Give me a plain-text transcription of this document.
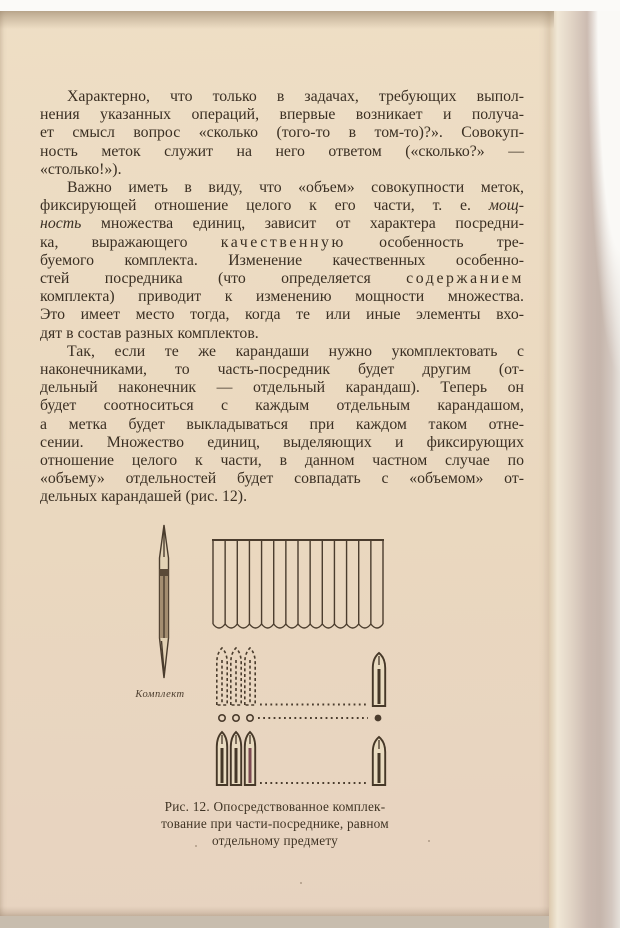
Характерно, что только в задачах, требующих выпол-
нения указанных операций, впервые возникает и получа-
ет смысл вопрос «сколько (того-то в том-то)?». Совокуп-
ность меток служит на него ответом («сколько?» —
«столько!»).

Важно иметь в виду, что «объем» совокупности меток,
фиксирующей отношение целого к его части, т. е. мощ-
ность множества единиц, зависит от характера посредни-
ка, выражающего качественную особенность тре-
буемого комплекта. Изменение качественных особенно-
стей посредника (что определяется содержанием
комплекта) приводит к изменению мощности множества.
Это имеет место тогда, когда те или иные элементы вхо-
дят в состав разных комплектов.

Так, если те же карандаши нужно укомплектовать с
наконечниками, то часть-посредник будет другим (от-
дельный наконечник — отдельный карандаш). Теперь он
будет соотноситься с каждым отдельным карандашом,
а метка будет выкладываться при каждом таком отне-
сении. Множество единиц, выделяющих и фиксирующих
отношение целого к части, в данном частном случае по
«объему» отдельностей будет совпадать с «объемом» от-
дельных карандашей (рис. 12).

Комплект
Рис. 12. Опосредствованное комплек-
тование при части-посреднике, равном
отдельному предмету
